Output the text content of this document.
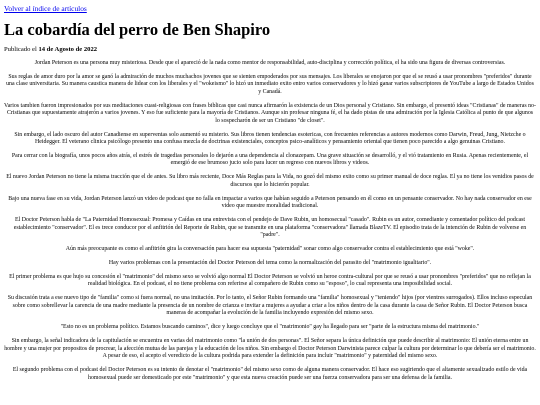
Volver al índice de artículos
La cobardía del perro de Ben Shapiro
Publicado el 14 de Agosto de 2022

Jordan Peterson es una persona muy misteriosa. Desde que el apareció de la nada como mentor de responsabilidad, auto-disciplina y corrección política, el ha sido una figura de diversas controversias.

Sus reglas de amor duro por la amor se ganó la admiración de muchos muchachos jovenes que se sienten empoderados por sus mensajes. Los liberales se enojaron por que el se reusó a usar pronombres "preferidos" durante una clase universitaria. Su manera caustica manera de lidear con los liberales y el "wokeismo" lo hizó un inmediato exito entro varios conservadores y lo hizó ganar varios subscriptores de YouTube a largo de Estados Unidos y Canadá.

Varios tambien fueron impresionados por sus meditaciones cuasi-religiosas con frases biblicas que casi nunca afirmarón la existencia de un Dios personal y Cristiano. Sin embargo, el presentó ideas "Cristianas" de maneras no-Cristianas que supuestamente atrajerón a varios jovenes. Y eso fue suficiente para la mayoría de Cristianos. Aunque sin profesar ninguna fé, el ha dado pistas de una admiración por la Iglesia Católica al punto de que algunos lo sospecharón de ser un Cristiano "de closet".

Sin embargo, el lado oscuro del autor Canadiense en superventas solo aumentó su misterio. Sus libros tienen tendencias esotericas, con frecuentes referencias a autores modernos como Darwin, Freud, Jung, Nietzche o Heidegger. El veterano clinica psicólogo presento una confusa mezcla de doctrinas existenciales, conceptos psico-analíticos y pensamiento oriental que tienen poco parecido a algo genuinas Cristiano.

Para cerrar con la biografía, unos pocos años atrás, el estrés de tragedias personales lo dejarón a una dependencia al clonazepam. Una grave situación se desarrolló, y el vió tratamiento en Rusia. Apenas recientemente, el emergió de ese brumoso jucio solo para lucer un regreso con nuevos libros y videos.

El nuevo Jordan Peterson no tiene la misma tracción que el de antes. Su libro más reciente, Doce Más Reglas para la Vida, no gozó del mismo exito como su primer manual de doce reglas. El ya no tiene los venidios pasos de discursos que lo hicierón popular.

Bajo una nueva fase en su vida, Jordan Peterson lanzó un video de podcast que no falla en impactar a varios que habían seguido a Peterson pensando en él como en un pensante conservador. No hay nada conservador en ese video que muestre moralidad tradicional.

El Doctor Peterson habla de "La Paternidad Homosexual: Promesa y Caídas en una entrevista con el pendejo de Dave Rubin, un homosecual "casado". Rubin es un autor, comediante y comentador político del podcast establecimiento "conservador". El es trece conducor por el anfitrión del Reporte de Rubin, que se transmite en una plataforma "conservadora" llamada BlazeTV. El episodio trata de la intención de Rubin de volverse en "padre".

Aún más preocupante es como el anfitrión gira la conversación para hacer esa supuesta "paternidad" sonar como algo conservador contra el establecimiento que está "woke".

Hay varios problemas con la presentación del Doctor Peterson del tema como la normalización del parasito del "matrimonio igualitario".

El primer problema es que hujo su concesión el "matrimonio" del mismo sexo se volvió algo normal El Doctor Peterson se volvió un heroe contra-cultural por que se reusó a usar pronombres "preferidos" que no reflejan la realidad biológica. En el podcast, el no tiene problema con referirse al compañero de Rubin como su "esposo", lo cual representa una imposibilidad social.

Su discusión trata a ese nuevo tipo de "familia" como si fuera normal, no una imitación. Por lo tanto, el Señor Rubin formando una "familia" homosexual y "teniendo" hijos (por vientres surrogados). Ellos incluso especulan sobre como sobrellevar la carencia de una madre mediante la presencia de un nombre de crianza e invitar a mujeres a ayudar a criar a los niños dentro de la casa durante la casa de Señor Rubin. El Doctor Peterson busca maneras de acompañar la evolución de la familia incluyendo expresión del mismo sexo.

"Esto no es un problema político. Estamos buscando caminos", dice y luego concluye que el "matrimonio" gay ha llegado para ser "parte de la estructura misma del matrimonio."

Sin embargo, la señal indicadora de la capitulación se encuentra en varias del matrimonio como "la unión de dos personas". El Señor separa la única definición que puede describir al matrimonio: El unión eterna entre un hombre y una mujer por propositos de procrear, la afección mutua de las parejas y la educación de los niños. Sin embargo el Doctor Peterson Darwinista parece culpar la cultura por determinar lo que debería ser el matrimonio. A pesar de eso, el acepto el veredicto de la cultura podrida para extender la definición para incluir "matrimonio" y paternidad del mismo sexo.

El segundo problema con el podcast del Doctor Peterson es su intento de denotar el "matrimonio" del mismo sexo como de alguna manera conservador. El hace eso sugiriendo que el altamente sexualizado estilo de vida homosexual puede ser domesticado por este "matrimonio" y que esta nueva creación puede ser una fuerza conservadora para ser una defensa de la familia.
